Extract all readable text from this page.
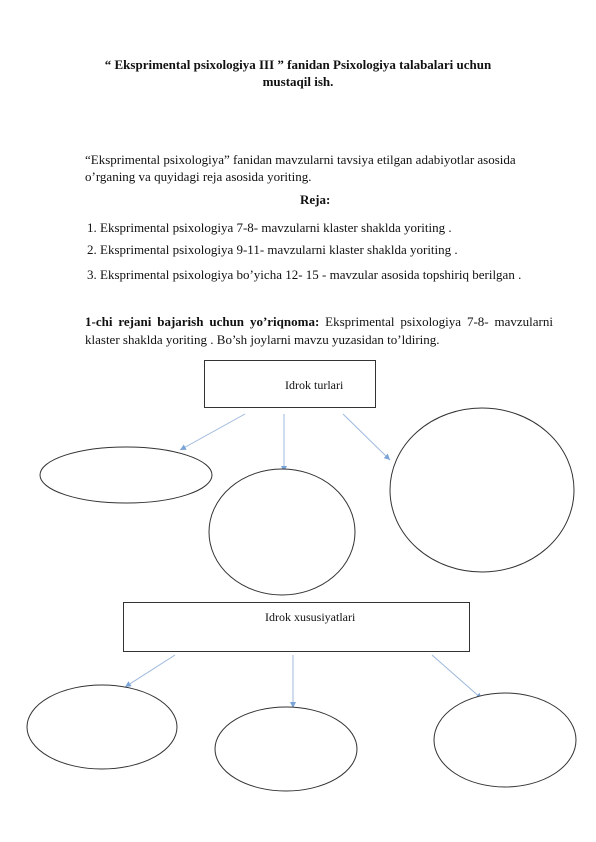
“ Eksprimental psixologiya III ” fanidan Psixologiya talabalari uchun
mustaqil ish.
“Eksprimental psixologiya” fanidan mavzularni tavsiya etilgan adabiyotlar asosida o’rganing va quyidagi reja asosida yoriting.
Reja:
1. Eksprimental psixologiya 7-8- mavzularni klaster shaklda yoriting .
2. Eksprimental psixologiya 9-11- mavzularni klaster shaklda yoriting .
3. Eksprimental psixologiya bo’yicha 12- 15 - mavzular asosida topshiriq berilgan .
1-chi rejani bajarish uchun yo’riqnoma: Eksprimental psixologiya 7-8- mavzularni klaster shaklda yoriting . Bo’sh joylarni mavzu yuzasidan to’ldiring.
Idrok turlari
Idrok xususiyatlari
